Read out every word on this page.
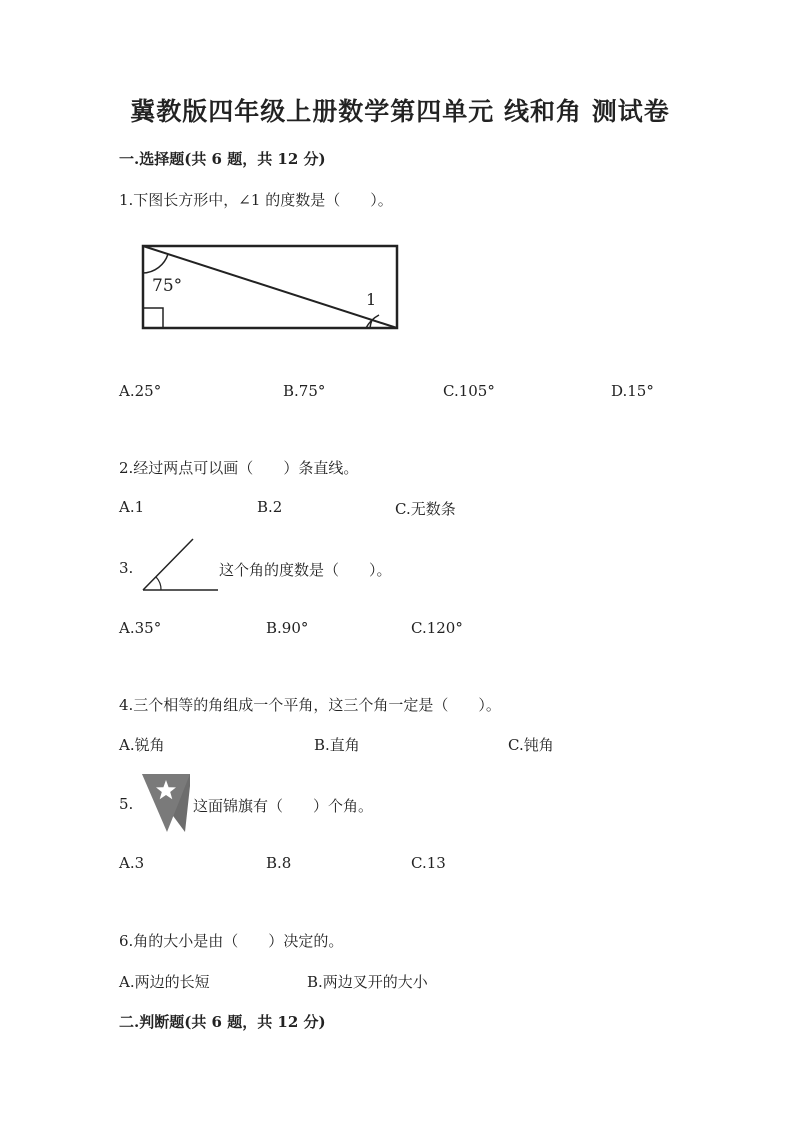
冀教版四年级上册数学第四单元 线和角 测试卷
一.选择题(共 6 题，共 12 分)
1.下图长方形中，∠1 的度数是（　　）。
75°
1
A.25°	B.75°	C.105°	D.15°
2.经过两点可以画（　　）条直线。
A.1	B.2	C.无数条
3.	这个角的度数是（　　）。
A.35°	B.90°	C.120°
4.三个相等的角组成一个平角，这三个角一定是（　　）。
A.锐角	B.直角	C.钝角
5.	这面锦旗有（　　）个角。
A.3	B.8	C.13
6.角的大小是由（　　）决定的。
A.两边的长短	B.两边叉开的大小
二.判断题(共 6 题，共 12 分)
